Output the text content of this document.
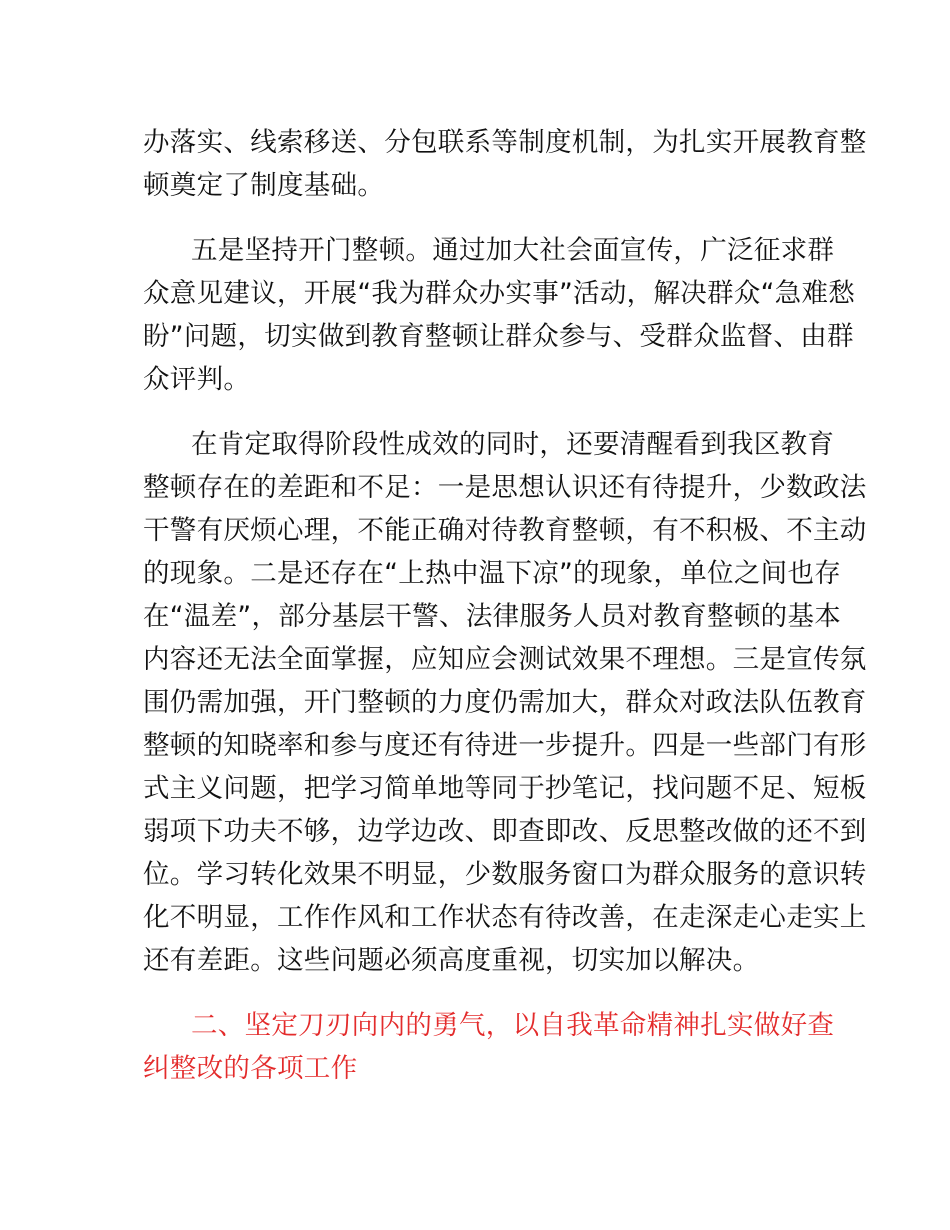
办落实、线索移送、分包联系等制度机制，为扎实开展教育整
顿奠定了制度基础。

五是坚持开门整顿。通过加大社会面宣传，广泛征求群
众意见建议，开展“我为群众办实事”活动，解决群众“急难愁
盼”问题，切实做到教育整顿让群众参与、受群众监督、由群
众评判。

在肯定取得阶段性成效的同时，还要清醒看到我区教育
整顿存在的差距和不足：一是思想认识还有待提升，少数政法
干警有厌烦心理，不能正确对待教育整顿，有不积极、不主动
的现象。二是还存在“上热中温下凉”的现象，单位之间也存
在“温差”，部分基层干警、法律服务人员对教育整顿的基本
内容还无法全面掌握，应知应会测试效果不理想。三是宣传氛
围仍需加强，开门整顿的力度仍需加大，群众对政法队伍教育
整顿的知晓率和参与度还有待进一步提升。四是一些部门有形
式主义问题，把学习简单地等同于抄笔记，找问题不足、短板
弱项下功夫不够，边学边改、即查即改、反思整改做的还不到
位。学习转化效果不明显，少数服务窗口为群众服务的意识转
化不明显，工作作风和工作状态有待改善，在走深走心走实上
还有差距。这些问题必须高度重视，切实加以解决。

二、坚定刀刃向内的勇气，以自我革命精神扎实做好查
纠整改的各项工作
